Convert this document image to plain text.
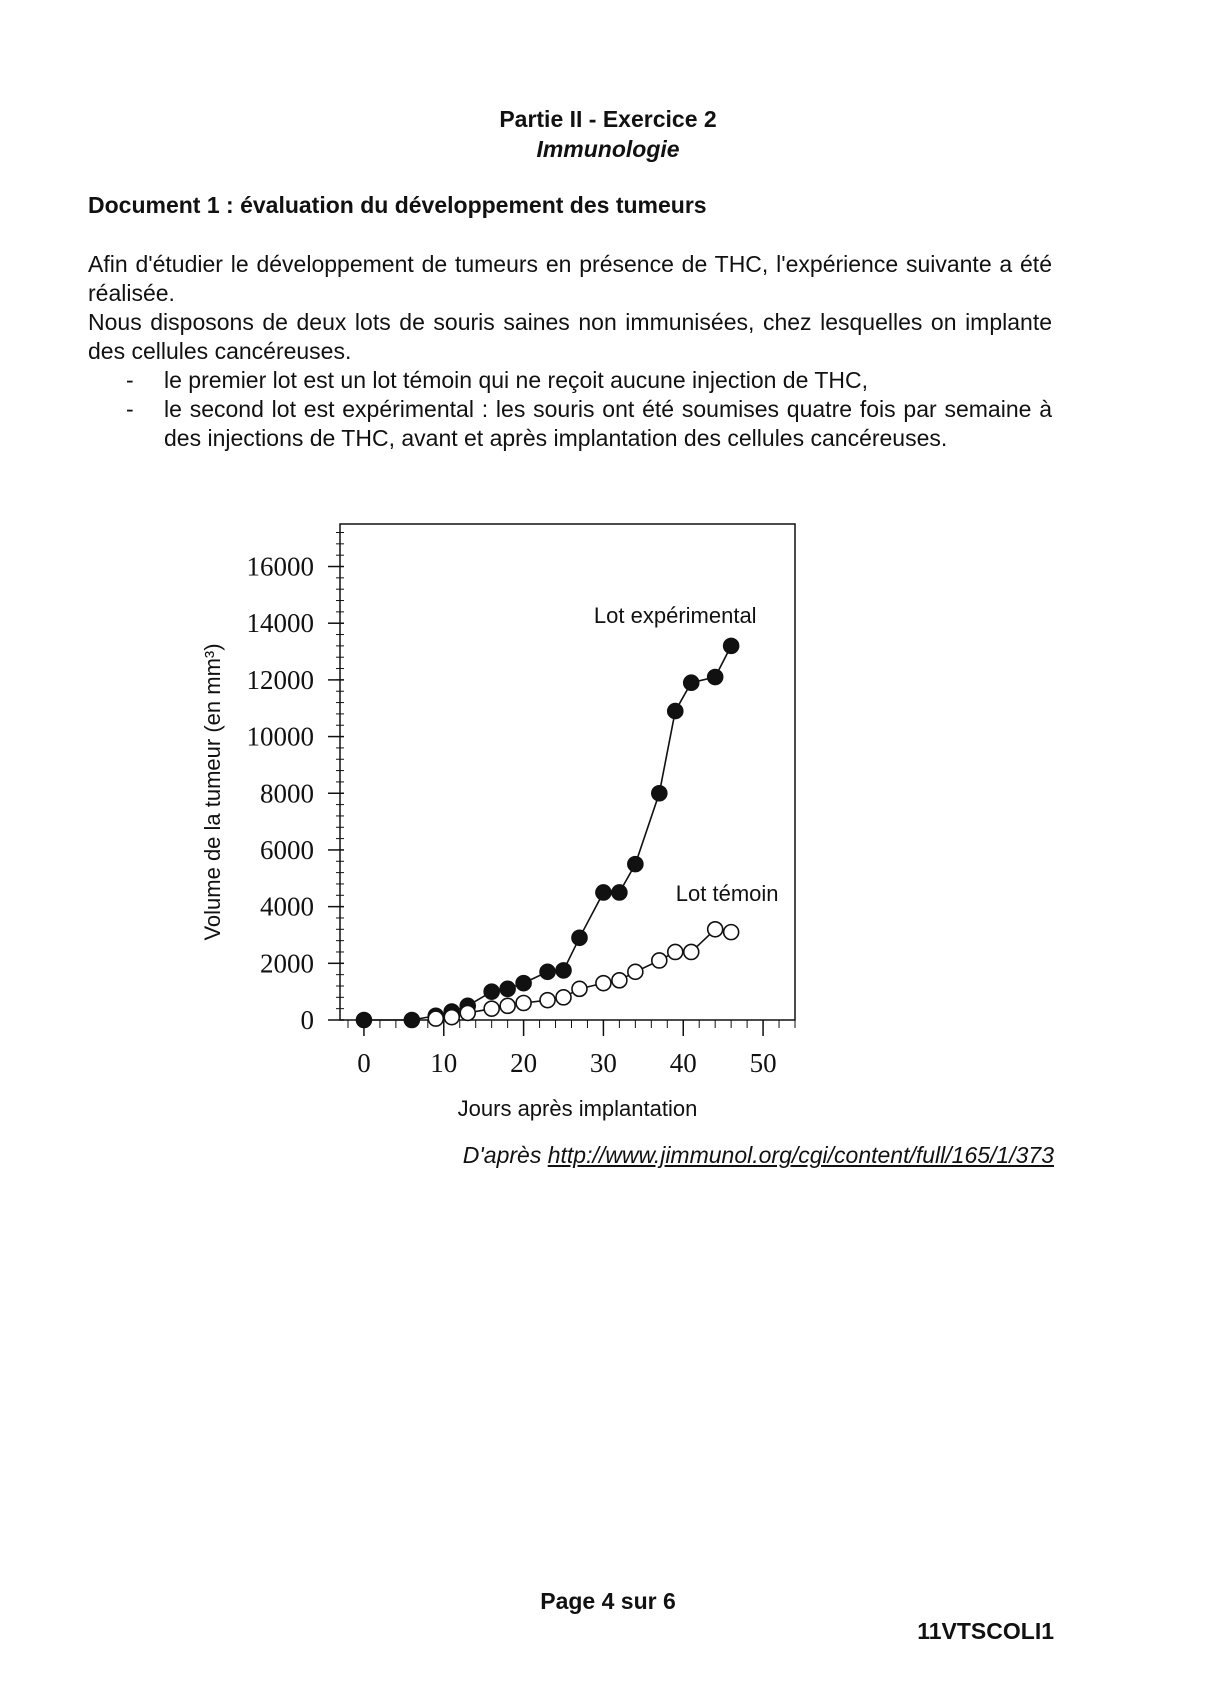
Partie II - Exercice 2
Immunologie
Document 1 : évaluation du développement des tumeurs

Afin d'étudier le développement de tumeurs en présence de THC, l'expérience suivante a été réalisée.

Nous disposons de deux lots de souris saines non immunisées, chez lesquelles on implante des cellules cancéreuses.

- le premier lot est un lot témoin qui ne reçoit aucune injection de THC,
- le second lot est expérimental : les souris ont été soumises quatre fois par semaine à des injections de THC, avant et après implantation des cellules cancéreuses.
0
2000
4000
6000
8000
10000
12000
14000
16000
0 10 20 30 40 50
Volume de la tumeur (en mm³)
Jours après implantation
Lot expérimental
Lot témoin
D'après http://www.jimmunol.org/cgi/content/full/165/1/373
Page 4 sur 6
11VTSCOLI1
